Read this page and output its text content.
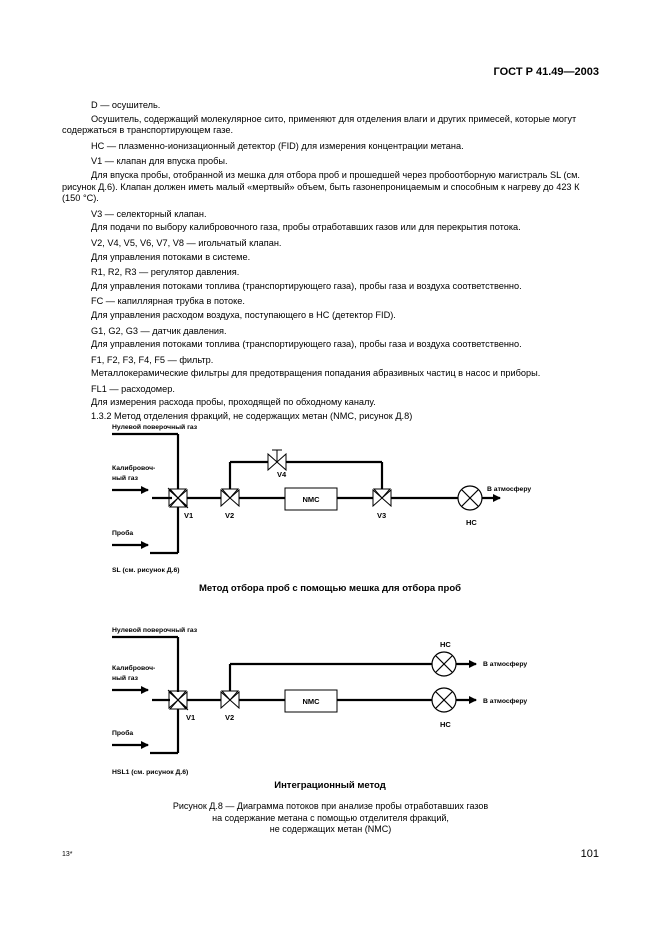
ГОСТ Р 41.49—2003

D — осушитель.

Осушитель, содержащий молекулярное сито, применяют для отделения влаги и других примесей, которые могут содержаться в транспортирующем газе.

НС — плазменно-ионизационный детектор (FID) для измерения концентрации метана.

V1 — клапан для впуска пробы.

Для впуска пробы, отобранной из мешка для отбора проб и прошедшей через пробоотборную магистраль SL (см. рисунок Д.6). Клапан должен иметь малый «мертвый» объем, быть газонепроницаемым и способным к нагреву до 423 К (150 °С).

V3 — селекторный клапан.

Для подачи по выбору калибровочного газа, пробы отработавших газов или для перекрытия потока.

V2, V4, V5, V6, V7, V8 — игольчатый клапан.

Для управления потоками в системе.

R1, R2, R3 — регулятор давления.

Для управления потоками топлива (транспортирующего газа), пробы газа и воздуха соответственно.

FC — капиллярная трубка в потоке.

Для управления расходом воздуха, поступающего в НС (детектор FID).

G1, G2, G3 — датчик давления.

Для управления потоками топлива (транспортирующего газа), пробы газа и воздуха соответственно.

F1, F2, F3, F4, F5 — фильтр.

Металлокерамические фильтры для предотвращения попадания абразивных частиц в насос и приборы.

FL1 — расходомер.

Для измерения расхода пробы, проходящей по обходному каналу.

1.3.2 Метод отделения фракций, не содержащих метан (NMC, рисунок Д.8)

Нулевой поверочный газ
Калибровоч-
ный газ
Проба
V1	V2
V4
NMC
V3
НС
В атмосферу
SL (см. рисунок Д.6)
Метод отбора проб с помощью мешка для отбора проб
Нулевой поверочный газ
Калибровоч-
ный газ
Проба
V1	V2
NMC
НС
В атмосферу
НС
В атмосферу
HSL1 (см. рисунок Д.6)
Интеграционный метод
Рисунок Д.8 — Диаграмма потоков при анализе пробы отработавших газов
на содержание метана с помощью отделителя фракций,
не содержащих метан (NMC)
13*	101
